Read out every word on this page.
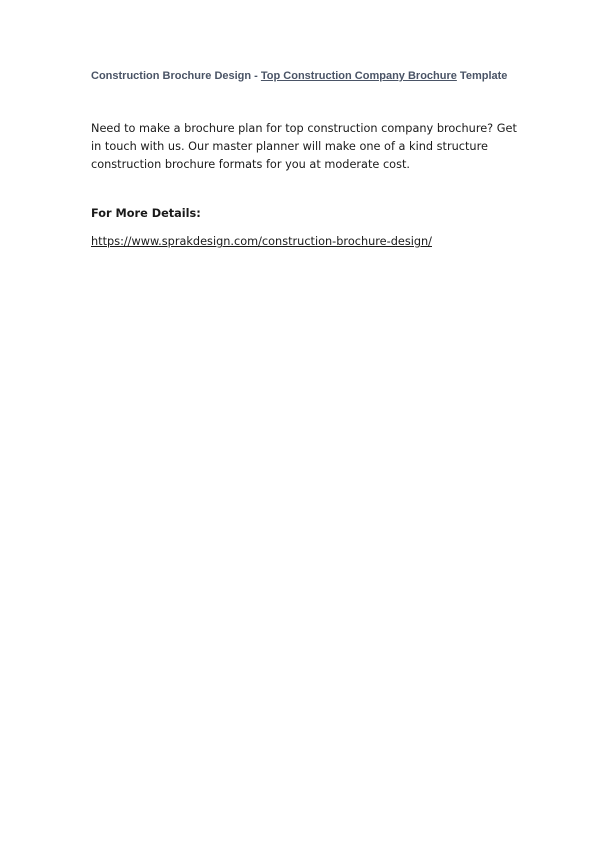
Construction Brochure Design - Top Construction Company Brochure Template

Need to make a brochure plan for top construction company brochure? Get in touch with us. Our master planner will make one of a kind structure construction brochure formats for you at moderate cost.

For More Details:
https://www.sprakdesign.com/construction-brochure-design/
